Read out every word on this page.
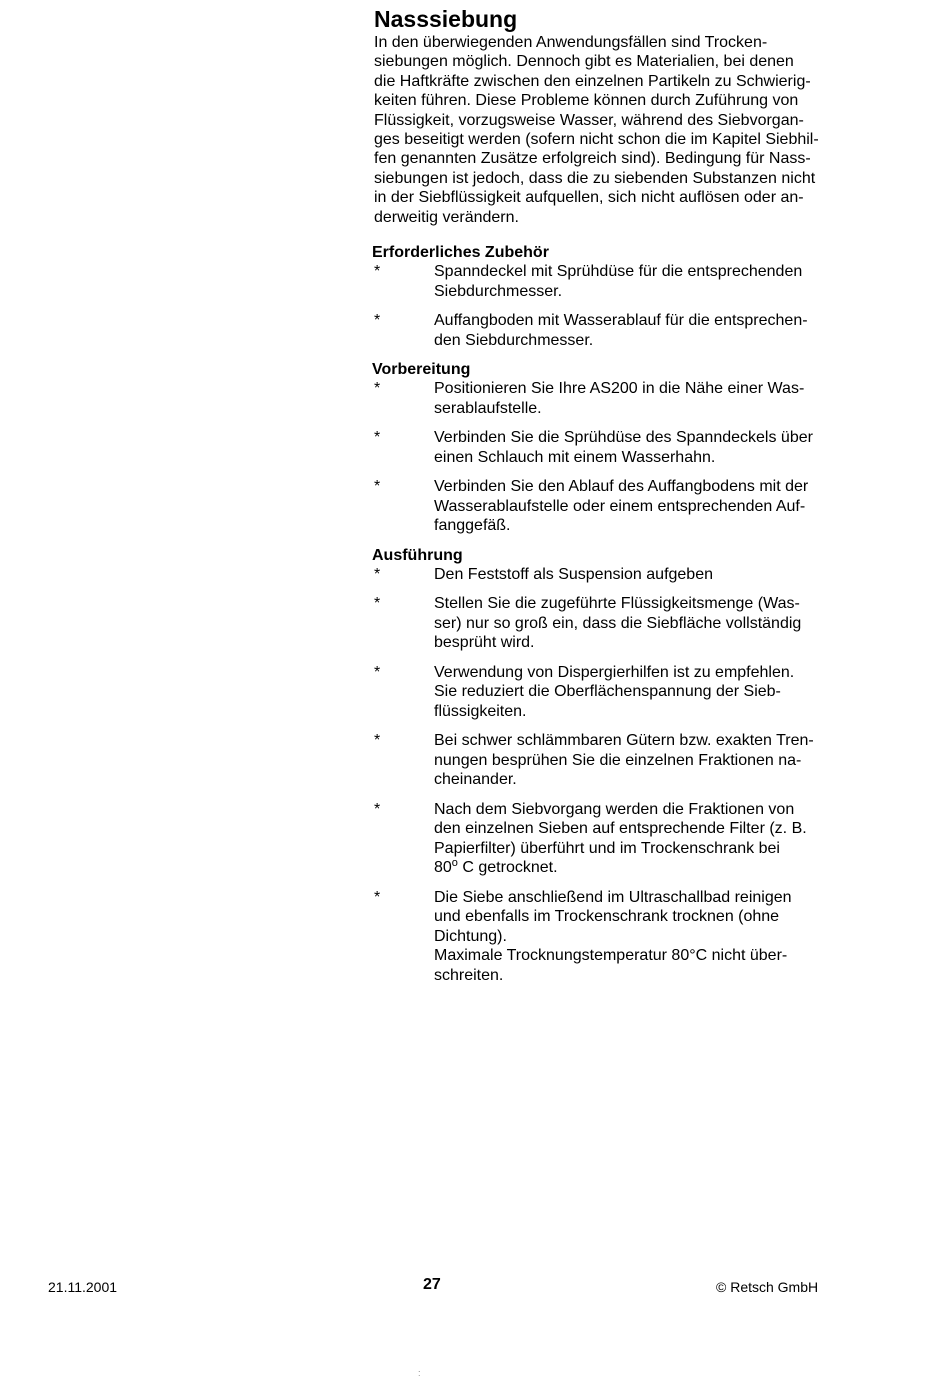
Nasssiebung

In den überwiegenden Anwendungsfällen sind Trocken-
siebungen möglich. Dennoch gibt es Materialien, bei denen
die Haftkräfte zwischen den einzelnen Partikeln zu Schwierig-
keiten führen. Diese Probleme können durch Zuführung von
Flüssigkeit, vorzugsweise Wasser, während des Siebvorgan-
ges beseitigt werden (sofern nicht schon die im Kapitel Siebhil-
fen genannten Zusätze erfolgreich sind). Bedingung für Nass-
siebungen ist jedoch, dass die zu siebenden Substanzen nicht
in der Siebflüssigkeit aufquellen, sich nicht auflösen oder an-
derweitig verändern.

Erforderliches Zubehör
*	Spanndeckel mit Sprühdüse für die entsprechenden
Siebdurchmesser.
*	Auffangboden mit Wasserablauf für die entsprechen-
den Siebdurchmesser.
Vorbereitung
*	Positionieren Sie Ihre AS200 in die Nähe einer Was-
serablaufstelle.
*	Verbinden Sie die Sprühdüse des Spanndeckels über
einen Schlauch mit einem Wasserhahn.
*	Verbinden Sie den Ablauf des Auffangbodens mit der
Wasserablaufstelle oder einem entsprechenden Auf-
fanggefäß.
Ausführung
*	Den Feststoff als Suspension aufgeben
*	Stellen Sie die zugeführte Flüssigkeitsmenge (Was-
ser) nur so groß ein, dass die Siebfläche vollständig
besprüht wird.
*	Verwendung von Dispergierhilfen ist zu empfehlen.
Sie reduziert die Oberflächenspannung der Sieb-
flüssigkeiten.
*	Bei schwer schlämmbaren Gütern bzw. exakten Tren-
nungen besprühen Sie die einzelnen Fraktionen na-
cheinander.
*	Nach dem Siebvorgang werden die Fraktionen von
den einzelnen Sieben auf entsprechende Filter (z. B.
Papierfilter) überführt und im Trockenschrank bei
80$^o$ C getrocknet.
*	Die Siebe anschließend im Ultraschallbad reinigen
und ebenfalls im Trockenschrank trocknen (ohne
Dichtung).
Maximale Trocknungstemperatur 80°C nicht über-
schreiten.
21.11.2001	27	© Retsch GmbH
:
